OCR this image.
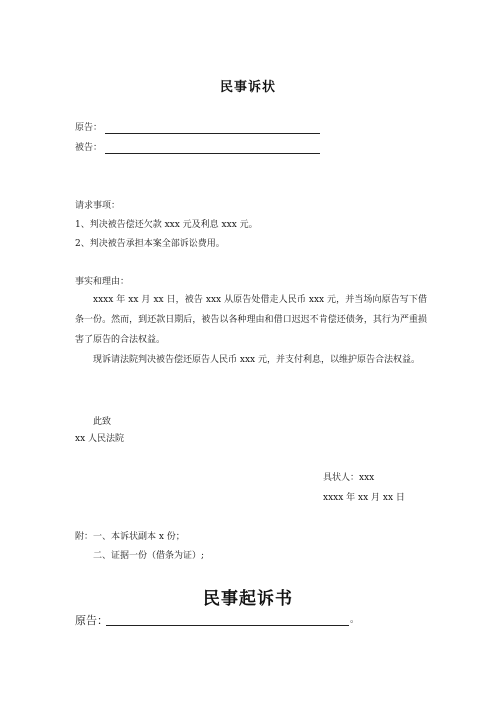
民事诉状
原告：
被告：
请求事项：
1、判决被告偿还欠款 xxx 元及利息 xxx 元。
2、判决被告承担本案全部诉讼费用。
事实和理由：
xxxx 年 xx 月 xx 日，被告 xxx 从原告处借走人民币 xxx 元，并当场向原告写下借条一份。然而，到还款日期后，被告以各种理由和借口迟迟不肯偿还债务，其行为严重损害了原告的合法权益。
现诉请法院判决被告偿还原告人民币 xxx 元，并支付利息，以维护原告合法权益。
此致
xx 人民法院
具状人：xxx
xxxx 年 xx 月 xx 日
附：一、本诉状副本 x 份；
二、证据一份（借条为证）;
民事起诉书
原告：	。
